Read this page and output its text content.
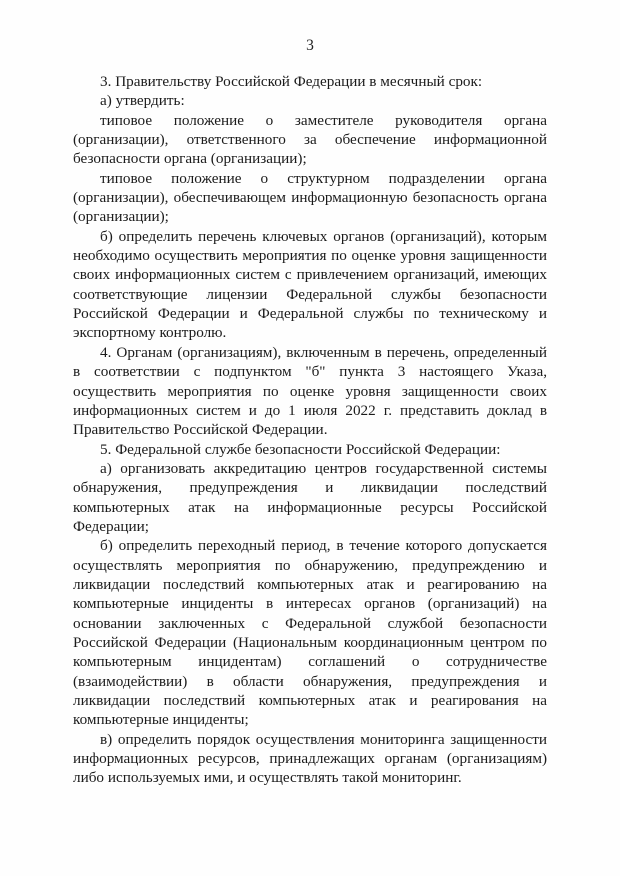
3

3. Правительству Российской Федерации в месячный срок:

а) утвердить:

типовое положение о заместителе руководителя органа (организации), ответственного за обеспечение информационной безопасности органа (организации);

типовое положение о структурном подразделении органа (организации), обеспечивающем информационную безопасность органа (организации);

б) определить перечень ключевых органов (организаций), которым необходимо осуществить мероприятия по оценке уровня защищенности своих информационных систем с привлечением организаций, имеющих соответствующие лицензии Федеральной службы безопасности Российской Федерации и Федеральной службы по техническому и экспортному контролю.

4. Органам (организациям), включенным в перечень, определенный в соответствии с подпунктом "б" пункта 3 настоящего Указа, осуществить мероприятия по оценке уровня защищенности своих информационных систем и до 1 июля 2022 г. представить доклад в Правительство Российской Федерации.

5. Федеральной службе безопасности Российской Федерации:

а) организовать аккредитацию центров государственной системы обнаружения, предупреждения и ликвидации последствий компьютерных атак на информационные ресурсы Российской Федерации;

б) определить переходный период, в течение которого допускается осуществлять мероприятия по обнаружению, предупреждению и ликвидации последствий компьютерных атак и реагированию на компьютерные инциденты в интересах органов (организаций) на основании заключенных с Федеральной службой безопасности Российской Федерации (Национальным координационным центром по компьютерным инцидентам) соглашений о сотрудничестве (взаимодействии) в области обнаружения, предупреждения и ликвидации последствий компьютерных атак и реагирования на компьютерные инциденты;

в) определить порядок осуществления мониторинга защищенности информационных ресурсов, принадлежащих органам (организациям) либо используемых ими, и осуществлять такой мониторинг.
